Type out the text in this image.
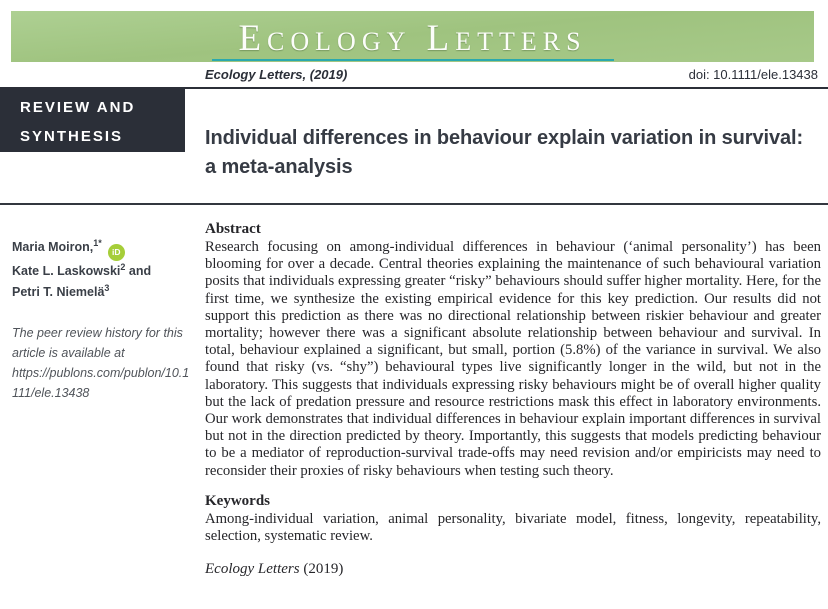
Ecology Letters
Ecology Letters, (2019)	doi: 10.1111/ele.13438
REVIEW AND
SYNTHESIS	Individual differences in behaviour explain variation in survival: a meta-analysis
Maria Moiron,$^{1*}$iD
Kate L. Laskowski$^2$ and
Petri T. Niemelä$^3$

The peer review history for this article is available at https://publons.com/publon/10.1111/ele.13438

Abstract

Research focusing on among-individual differences in behaviour (‘animal personality’) has been blooming for over a decade. Central theories explaining the maintenance of such behavioural variation posits that individuals expressing greater “risky” behaviours should suffer higher mortality. Here, for the first time, we synthesize the existing empirical evidence for this key prediction. Our results did not support this prediction as there was no directional relationship between riskier behaviour and greater mortality; however there was a significant absolute relationship between behaviour and survival. In total, behaviour explained a significant, but small, portion (5.8%) of the variance in survival. We also found that risky (vs. “shy”) behavioural types live significantly longer in the wild, but not in the laboratory. This suggests that individuals expressing risky behaviours might be of overall higher quality but the lack of predation pressure and resource restrictions mask this effect in laboratory environments. Our work demonstrates that individual differences in behaviour explain important differences in survival but not in the direction predicted by theory. Importantly, this suggests that models predicting behaviour to be a mediator of reproduction-survival trade-offs may need revision and/or empiricists may need to reconsider their proxies of risky behaviours when testing such theory.

Keywords

Among-individual variation, animal personality, bivariate model, fitness, longevity, repeatability, selection, systematic review.

Ecology Letters (2019)
